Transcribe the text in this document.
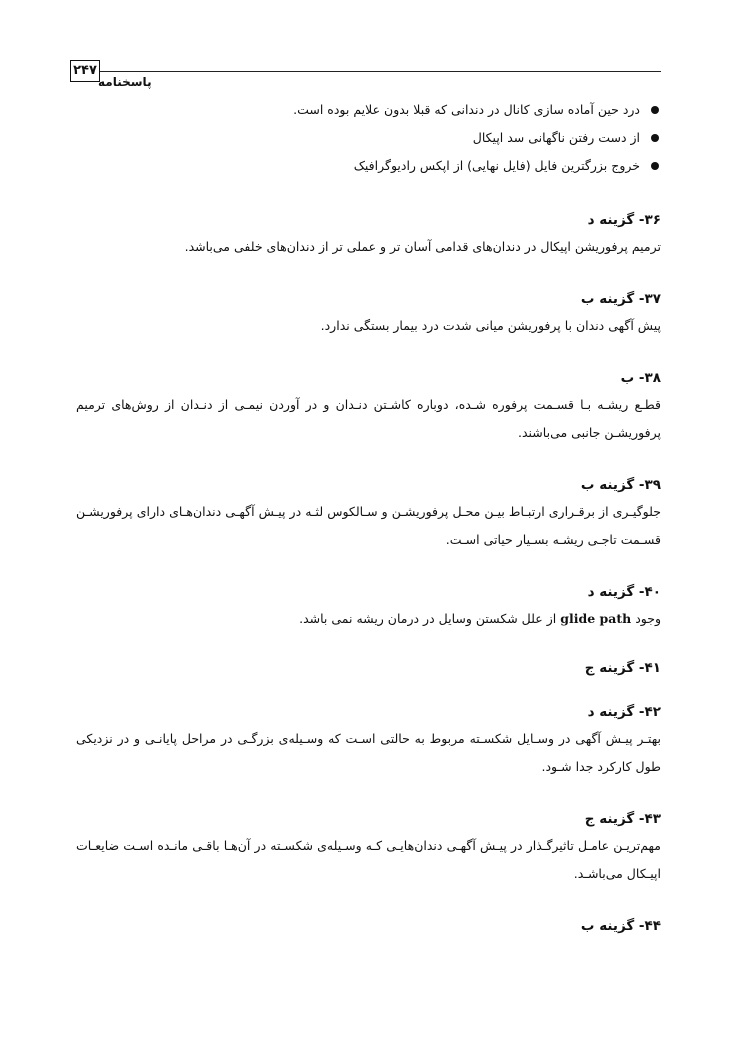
۲۴۷
پاسخنامه
درد حین آماده سازی کانال در دندانی که قبلا بدون علایم بوده است.
از دست رفتن ناگهانی سد اپیکال
خروج بزرگترین فایل (فایل نهایی) از اپکس رادیوگرافیک
۳۶- گزینه د
ترمیم پرفوریشن اپیکال در دندان‌های قدامی آسان تر و عملی تر از دندان‌های خلفی می‌باشد.
۳۷- گزینه ب
پیش آگهی دندان با پرفوریشن میانی شدت درد بیمار بستگی ندارد.
۳۸- ب
قطـع ریشـه بـا قسـمت پرفوره شـده، دوباره کاشـتن دنـدان و در آوردن نیمـی از دنـدان از روش‌های ترمیم پرفوریشـن جانبی می‌باشند.
۳۹- گزینه ب
جلوگیـری از برقـراری ارتبـاط بیـن محـل پرفوریشـن و سـالکوس لثـه در پیـش آگهـی دندان‌هـای دارای پرفوریشـن قسـمت تاجـی ریشـه بسـیار حیاتی اسـت.
۴۰- گزینه د
وجودglide pathاز علل شکستن وسایل در درمان ریشه نمی باشد.
۴۱- گزینه ج
۴۲- گزینه د
بهتـر پیـش آگهی در وسـایل شکسـته مربوط به حالتی اسـت که وسـیله‌ی بزرگـی در مراحل پایانـی و در نزدیکی طول کارکرد جدا شـود.
۴۳- گزینه ج
مهم‌تریـن عامـل تاثیرگـذار در پیـش آگهـی دندان‌هایـی کـه وسـیله‌ی شکسـته در آن‌هـا باقـی مانـده اسـت ضایعـات اپیـکال می‌باشـد.
۴۴- گزینه ب
